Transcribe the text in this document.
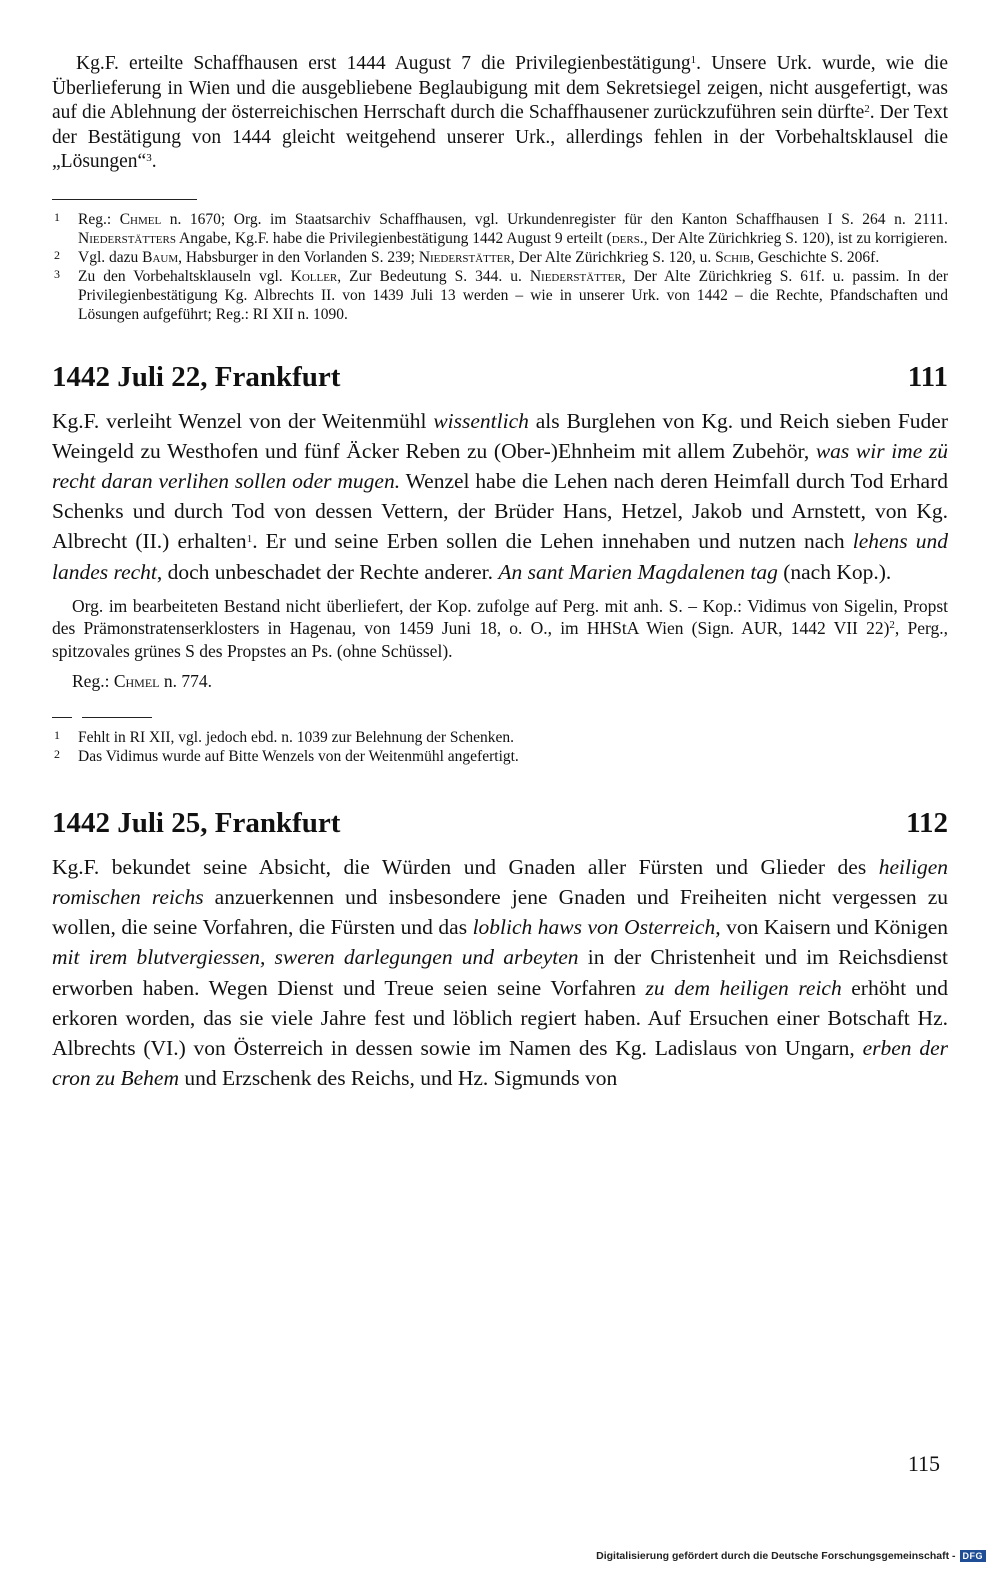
Kg.F. erteilte Schaffhausen erst 1444 August 7 die Privilegienbestätigung$^1$. Unsere Urk. wurde, wie die Überlieferung in Wien und die ausgebliebene Beglaubigung mit dem Sekretsiegel zeigen, nicht ausgefertigt, was auf die Ablehnung der österreichischen Herrschaft durch die Schaffhausener zurückzuführen sein dürfte$^2$. Der Text der Bestätigung von 1444 gleicht weitgehend unserer Urk., allerdings fehlen in der Vorbehaltsklausel die „Lösungen“$^3$.

1 Reg.: Chmel n. 1670; Org. im Staatsarchiv Schaffhausen, vgl. Urkundenregister für den Kanton Schaffhausen I S. 264 n. 2111. Niederstätters Angabe, Kg.F. habe die Privilegienbestätigung 1442 August 9 erteilt (ders., Der Alte Zürichkrieg S. 120), ist zu korrigieren.

2 Vgl. dazu Baum, Habsburger in den Vorlanden S. 239; Niederstätter, Der Alte Zürichkrieg S. 120, u. Schib, Geschichte S. 206f.

3 Zu den Vorbehaltsklauseln vgl. Koller, Zur Bedeutung S. 344. u. Niederstätter, Der Alte Zürichkrieg S. 61f. u. passim. In der Privilegienbestätigung Kg. Albrechts II. von 1439 Juli 13 werden – wie in unserer Urk. von 1442 – die Rechte, Pfandschaften und Lösungen aufgeführt; Reg.: RI XII n. 1090.

1442 Juli 22, Frankfurt	111

Kg.F. verleiht Wenzel von der Weitenmühl wissentlich als Burglehen von Kg. und Reich sieben Fuder Weingeld zu Westhofen und fünf Äcker Reben zu (Ober-)Ehnheim mit allem Zubehör, was wir ime zü recht daran verlihen sollen oder mugen. Wenzel habe die Lehen nach deren Heimfall durch Tod Erhard Schenks und durch Tod von dessen Vettern, der Brüder Hans, Hetzel, Jakob und Arnstett, von Kg. Albrecht (II.) erhalten$^1$. Er und seine Erben sollen die Lehen innehaben und nutzen nach lehens und landes recht, doch unbeschadet der Rechte anderer. An sant Marien Magdalenen tag (nach Kop.).

Org. im bearbeiteten Bestand nicht überliefert, der Kop. zufolge auf Perg. mit anh. S. – Kop.: Vidimus von Sigelin, Propst des Prämonstratenserklosters in Hagenau, von 1459 Juni 18, o. O., im HHStA Wien (Sign. AUR, 1442 VII 22)$^2$, Perg., spitzovales grünes S des Propstes an Ps. (ohne Schüssel).

Reg.: Chmel n. 774.

1 Fehlt in RI XII, vgl. jedoch ebd. n. 1039 zur Belehnung der Schenken.

2 Das Vidimus wurde auf Bitte Wenzels von der Weitenmühl angefertigt.

1442 Juli 25, Frankfurt	112

Kg.F. bekundet seine Absicht, die Würden und Gnaden aller Fürsten und Glieder des heiligen romischen reichs anzuerkennen und insbesondere jene Gnaden und Freiheiten nicht vergessen zu wollen, die seine Vorfahren, die Fürsten und das loblich haws von Osterreich, von Kaisern und Königen mit irem blutvergiessen, sweren darlegungen und arbeyten in der Christenheit und im Reichsdienst erworben haben. Wegen Dienst und Treue seien seine Vorfahren zu dem heiligen reich erhöht und erkoren worden, das sie viele Jahre fest und löblich regiert haben. Auf Ersuchen einer Botschaft Hz. Albrechts (VI.) von Österreich in dessen sowie im Namen des Kg. Ladislaus von Ungarn, erben der cron zu Behem und Erzschenk des Reichs, und Hz. Sigmunds von

115
Digitalisierung gefördert durch die Deutsche Forschungsgemeinschaft - DFG
